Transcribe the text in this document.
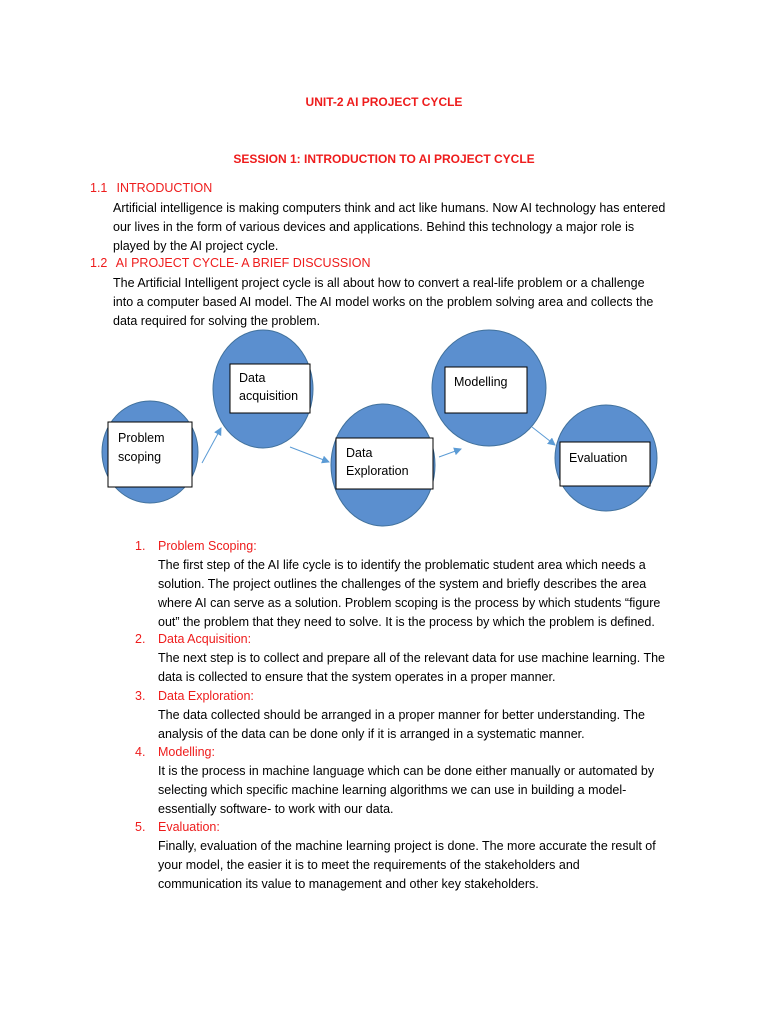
UNIT-2 AI PROJECT CYCLE
SESSION 1: INTRODUCTION TO AI PROJECT CYCLE
1.1 INTRODUCTION
Artificial intelligence is making computers think and act like humans. Now AI technology has entered
our lives in the form of various devices and applications. Behind this technology a major role is
played by the AI project cycle.
1.2 AI PROJECT CYCLE- A BRIEF DISCUSSION
The Artificial Intelligent project cycle is all about how to convert a real-life problem or a challenge
into a computer based AI model. The AI model works on the problem solving area and collects the
data required for solving the problem.
Problem
scoping
Data
acquisition
Data
Exploration
Modelling
Evaluation
1. Problem Scoping:
The first step of the AI life cycle is to identify the problematic student area which needs a
solution. The project outlines the challenges of the system and briefly describes the area
where AI can serve as a solution. Problem scoping is the process by which students “figure
out” the problem that they need to solve. It is the process by which the problem is defined.
2. Data Acquisition:
The next step is to collect and prepare all of the relevant data for use machine learning. The
data is collected to ensure that the system operates in a proper manner.
3. Data Exploration:
The data collected should be arranged in a proper manner for better understanding. The
analysis of the data can be done only if it is arranged in a systematic manner.
4. Modelling:
It is the process in machine language which can be done either manually or automated by
selecting which specific machine learning algorithms we can use in building a model-
essentially software- to work with our data.
5. Evaluation:
Finally, evaluation of the machine learning project is done. The more accurate the result of
your model, the easier it is to meet the requirements of the stakeholders and
communication its value to management and other key stakeholders.
